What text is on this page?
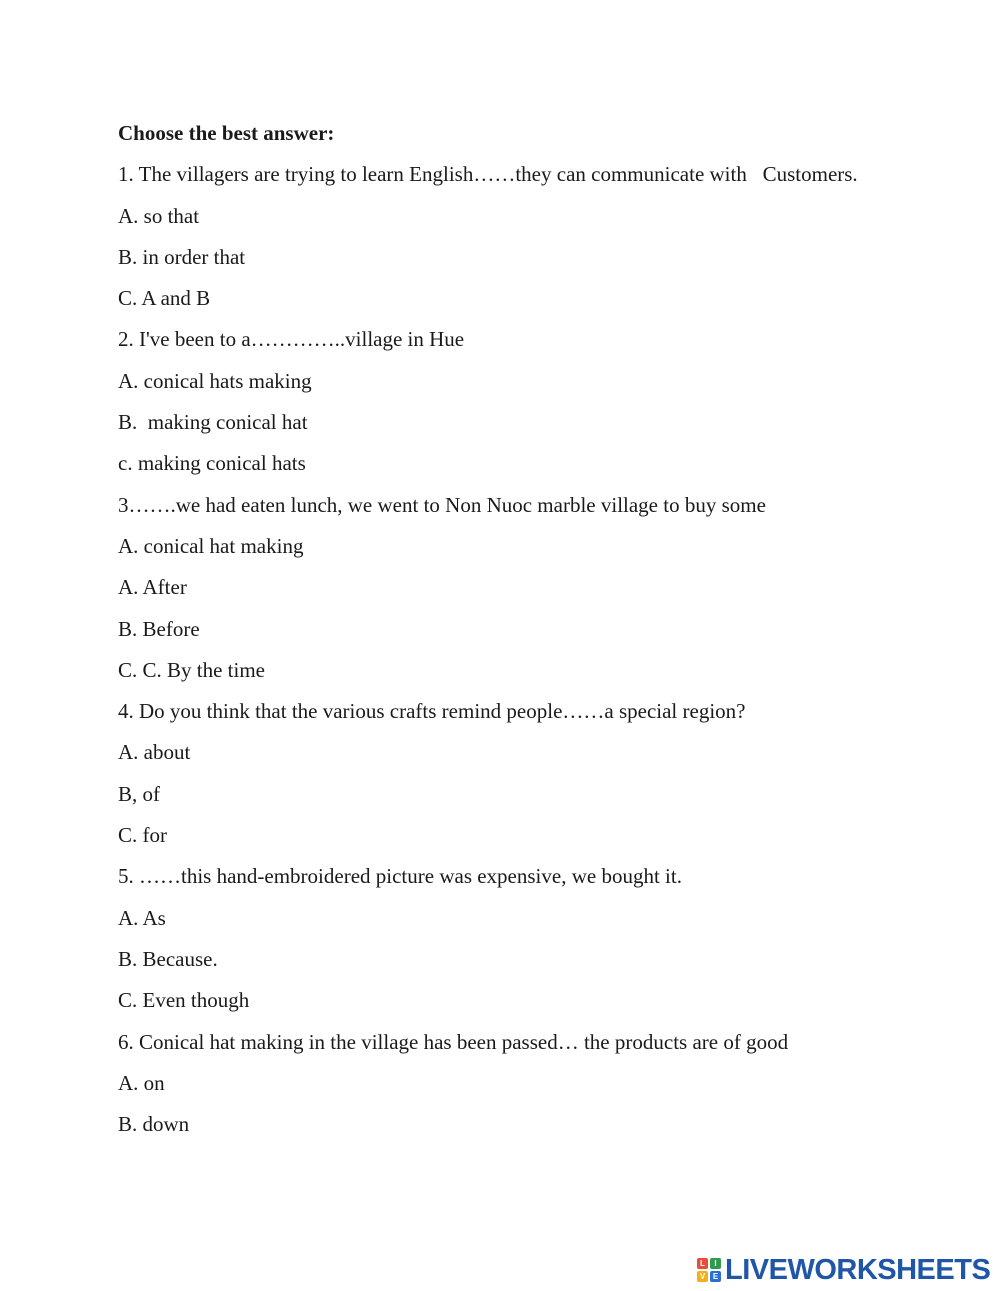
Choose the best answer:
1. The villagers are trying to learn English……they can communicate with   Customers.
A. so that
B. in order that
C. A and B
2. I've been to a…………..village in Hue
A. conical hats making
B.  making conical hat
c. making conical hats
3…….we had eaten lunch, we went to Non Nuoc marble village to buy some
A. conical hat making
A. After
B. Before
C. C. By the time
4. Do you think that the various crafts remind people……a special region?
A. about
B, of
C. for
5. ……this hand-embroidered picture was expensive, we bought it.
A. As
B. Because.
C. Even though
6. Conical hat making in the village has been passed… the products are of good
A. on
B. down
L	I
V E LIVEWORKSHEETS
